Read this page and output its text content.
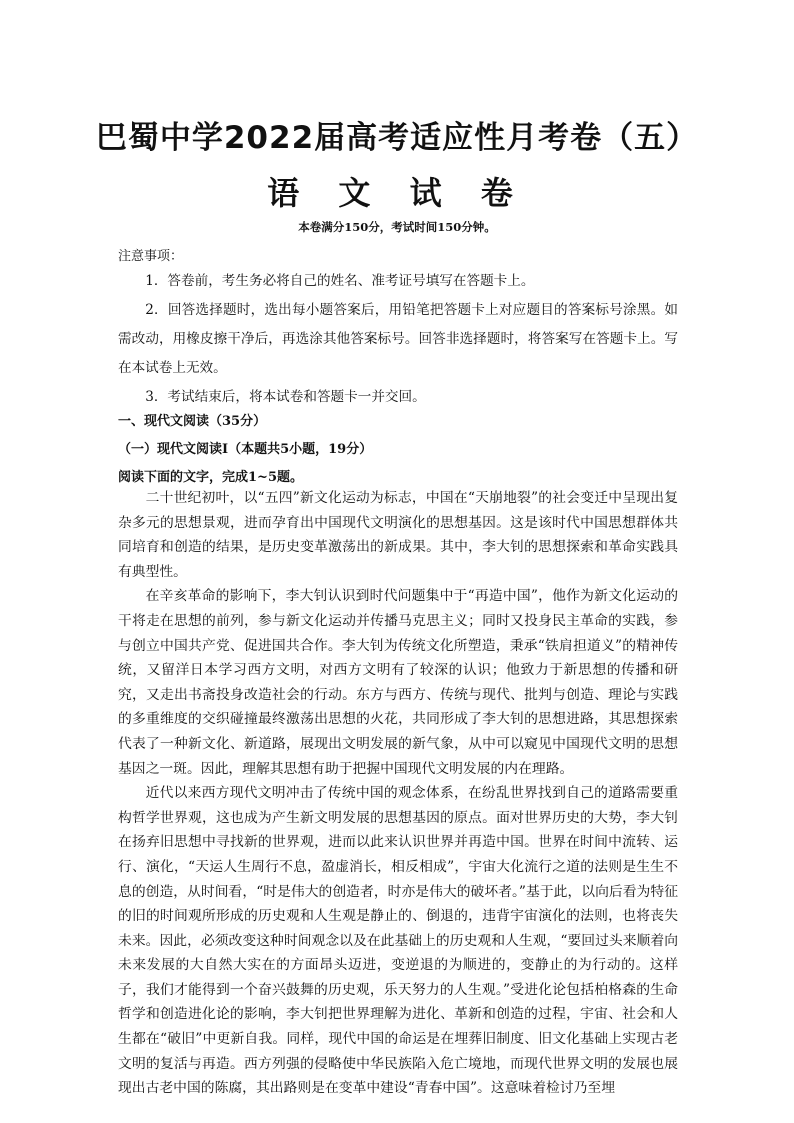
巴蜀中学2022届高考适应性月考卷（五）
语 文 试 卷
本卷满分150分，考试时间150分钟。
注意事项：

1．答卷前，考生务必将自己的姓名、准考证号填写在答题卡上。

2．回答选择题时，选出每小题答案后，用铅笔把答题卡上对应题目的答案标号涂黑。如需改动，用橡皮擦干净后，再选涂其他答案标号。回答非选择题时，将答案写在答题卡上。写在本试卷上无效。

3．考试结束后，将本试卷和答题卡一并交回。

一、现代文阅读（35分）
（一）现代文阅读Ⅰ（本题共5小题，19分）
阅读下面的文字，完成1~5题。

二十世纪初叶，以“五四”新文化运动为标志，中国在“天崩地裂”的社会变迁中呈现出复杂多元的思想景观，进而孕育出中国现代文明演化的思想基因。这是该时代中国思想群体共同培育和创造的结果，是历史变革激荡出的新成果。其中，李大钊的思想探索和革命实践具有典型性。

在辛亥革命的影响下，李大钊认识到时代问题集中于“再造中国”，他作为新文化运动的干将走在思想的前列，参与新文化运动并传播马克思主义；同时又投身民主革命的实践，参与创立中国共产党、促进国共合作。李大钊为传统文化所塑造，秉承“铁肩担道义”的精神传统，又留洋日本学习西方文明，对西方文明有了较深的认识；他致力于新思想的传播和研究，又走出书斋投身改造社会的行动。东方与西方、传统与现代、批判与创造、理论与实践的多重维度的交织碰撞最终激荡出思想的火花，共同形成了李大钊的思想进路，其思想探索代表了一种新文化、新道路，展现出文明发展的新气象，从中可以窥见中国现代文明的思想基因之一斑。因此，理解其思想有助于把握中国现代文明发展的内在理路。

近代以来西方现代文明冲击了传统中国的观念体系，在纷乱世界找到自己的道路需要重构哲学世界观，这也成为产生新文明发展的思想基因的原点。面对世界历史的大势，李大钊在扬弃旧思想中寻找新的世界观，进而以此来认识世界并再造中国。世界在时间中流转、运行、演化，“天运人生周行不息，盈虚消长，相反相成”，宇宙大化流行之道的法则是生生不息的创造，从时间看，“时是伟大的创造者，时亦是伟大的破坏者。”基于此，以向后看为特征的旧的时间观所形成的历史观和人生观是静止的、倒退的，违背宇宙演化的法则，也将丧失未来。因此，必须改变这种时间观念以及在此基础上的历史观和人生观，“要回过头来顺着向未来发展的大自然大实在的方面昂头迈进，变逆退的为顺进的，变静止的为行动的。这样子，我们才能得到一个奋兴鼓舞的历史观，乐天努力的人生观。”受进化论包括柏格森的生命哲学和创造进化论的影响，李大钊把世界理解为进化、革新和创造的过程，宇宙、社会和人生都在“破旧”中更新自我。同样，现代中国的命运是在埋葬旧制度、旧文化基础上实现古老文明的复活与再造。西方列强的侵略使中华民族陷入危亡境地，而现代世界文明的发展也展现出古老中国的陈腐，其出路则是在变革中建设“青春中国”。这意味着检讨乃至埋
